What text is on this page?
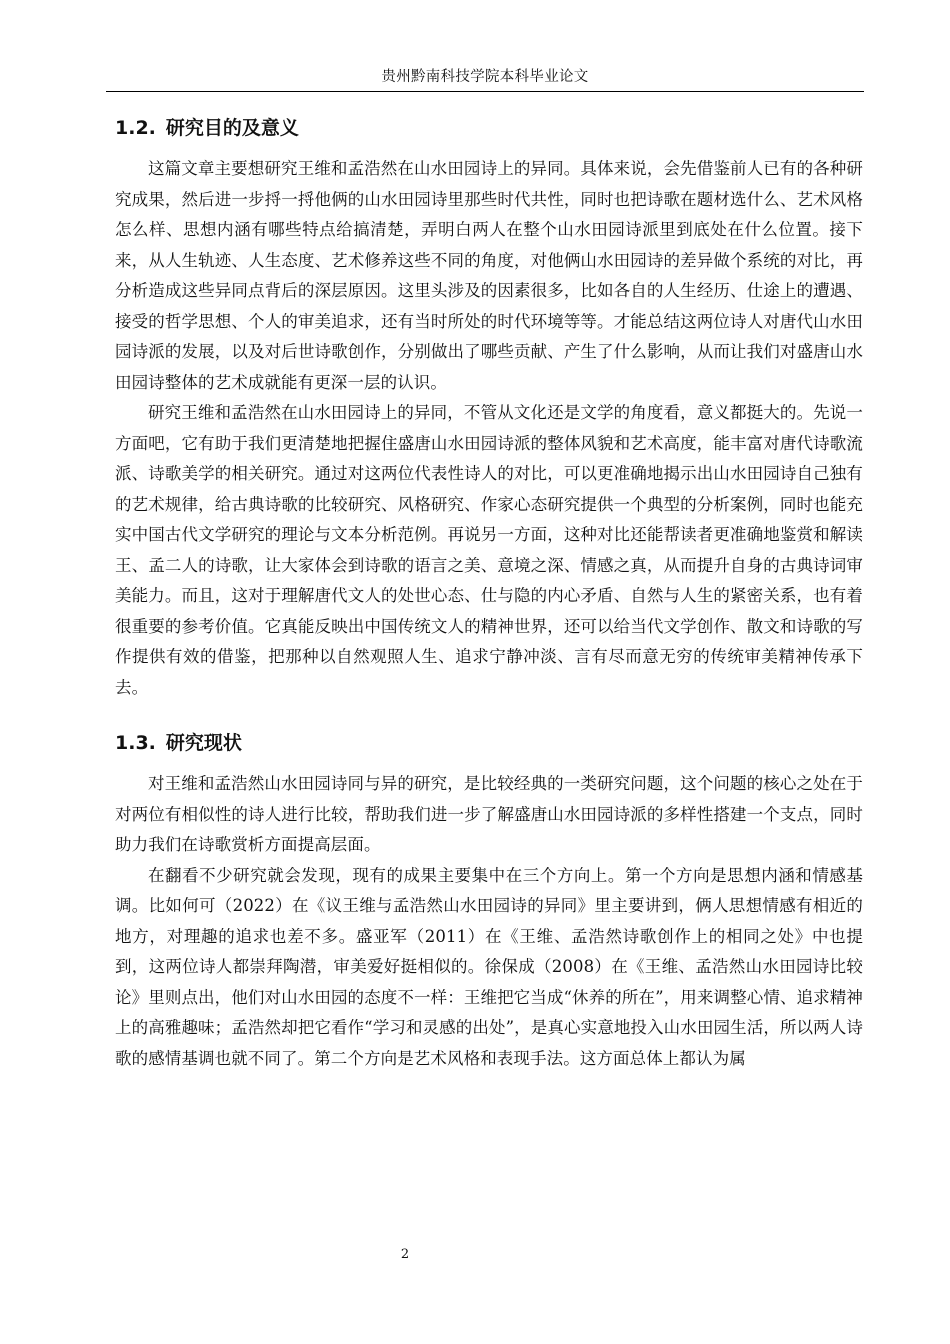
贵州黔南科技学院本科毕业论文
1.2. 研究目的及意义

这篇文章主要想研究王维和孟浩然在山水田园诗上的异同。具体来说，会先借鉴前人已有的各种研究成果，然后进一步捋一捋他俩的山水田园诗里那些时代共性，同时也把诗歌在题材选什么、艺术风格怎么样、思想内涵有哪些特点给搞清楚，弄明白两人在整个山水田园诗派里到底处在什么位置。接下来，从人生轨迹、人生态度、艺术修养这些不同的角度，对他俩山水田园诗的差异做个系统的对比，再分析造成这些异同点背后的深层原因。这里头涉及的因素很多，比如各自的人生经历、仕途上的遭遇、接受的哲学思想、个人的审美追求，还有当时所处的时代环境等等。才能总结这两位诗人对唐代山水田园诗派的发展，以及对后世诗歌创作，分别做出了哪些贡献、产生了什么影响，从而让我们对盛唐山水田园诗整体的艺术成就能有更深一层的认识。

研究王维和孟浩然在山水田园诗上的异同，不管从文化还是文学的角度看，意义都挺大的。先说一方面吧，它有助于我们更清楚地把握住盛唐山水田园诗派的整体风貌和艺术高度，能丰富对唐代诗歌流派、诗歌美学的相关研究。通过对这两位代表性诗人的对比，可以更准确地揭示出山水田园诗自己独有的艺术规律，给古典诗歌的比较研究、风格研究、作家心态研究提供一个典型的分析案例，同时也能充实中国古代文学研究的理论与文本分析范例。再说另一方面，这种对比还能帮读者更准确地鉴赏和解读王、孟二人的诗歌，让大家体会到诗歌的语言之美、意境之深、情感之真，从而提升自身的古典诗词审美能力。而且，这对于理解唐代文人的处世心态、仕与隐的内心矛盾、自然与人生的紧密关系，也有着很重要的参考价值。它真能反映出中国传统文人的精神世界，还可以给当代文学创作、散文和诗歌的写作提供有效的借鉴，把那种以自然观照人生、追求宁静冲淡、言有尽而意无穷的传统审美精神传承下去。

1.3. 研究现状

对王维和孟浩然山水田园诗同与异的研究，是比较经典的一类研究问题，这个问题的核心之处在于对两位有相似性的诗人进行比较，帮助我们进一步了解盛唐山水田园诗派的多样性搭建一个支点，同时助力我们在诗歌赏析方面提高层面。

在翻看不少研究就会发现，现有的成果主要集中在三个方向上。第一个方向是思想内涵和情感基调。比如何可（2022）在《议王维与孟浩然山水田园诗的异同》里主要讲到，俩人思想情感有相近的地方，对理趣的追求也差不多。盛亚军（2011）在《王维、孟浩然诗歌创作上的相同之处》中也提到，这两位诗人都崇拜陶潜，审美爱好挺相似的。徐保成（2008）在《王维、孟浩然山水田园诗比较论》里则点出，他们对山水田园的态度不一样：王维把它当成“休养的所在”，用来调整心情、追求精神上的高雅趣味；孟浩然却把它看作“学习和灵感的出处”，是真心实意地投入山水田园生活，所以两人诗歌的感情基调也就不同了。第二个方向是艺术风格和表现手法。这方面总体上都认为属

2
